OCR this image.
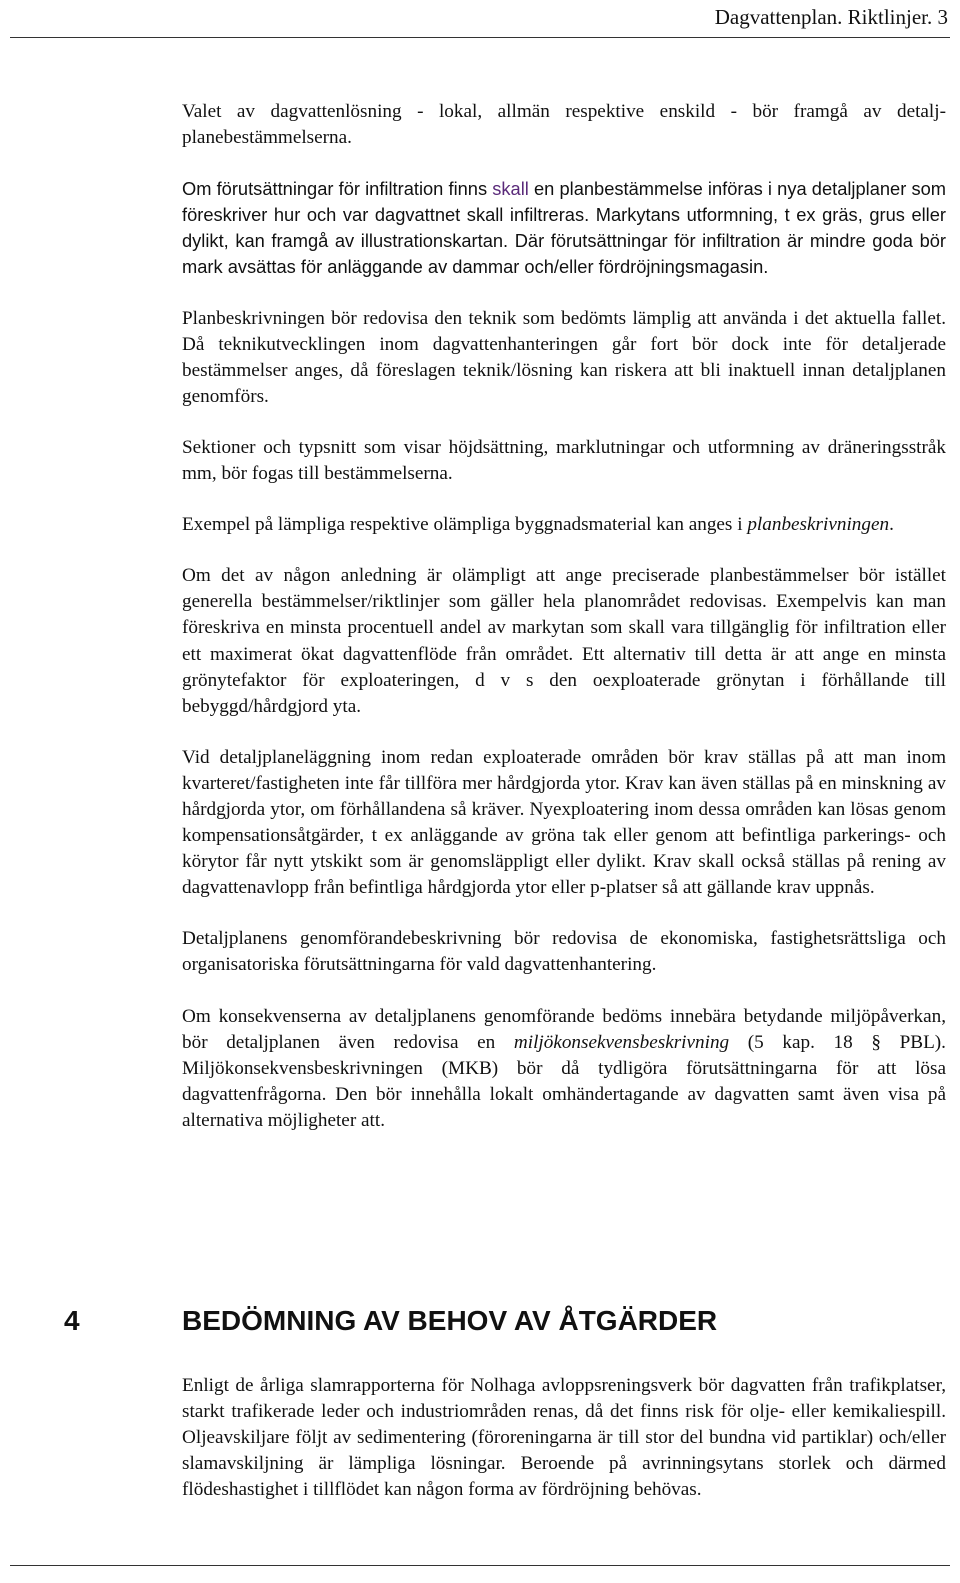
Dagvattenplan. Riktlinjer. 3

Valet av dagvattenlösning - lokal, allmän respektive enskild - bör framgå av detalj-planebestämmelserna.

Om förutsättningar för infiltration finns skall en planbestämmelse införas i nya detaljplaner som föreskriver hur och var dagvattnet skall infiltreras. Markytans utformning, t ex gräs, grus eller dylikt, kan framgå av illustrationskartan. Där förutsättningar för infiltration är mindre goda bör mark avsättas för anläggande av dammar och/eller fördröjningsmagasin.

Planbeskrivningen bör redovisa den teknik som bedömts lämplig att använda i det aktuella fallet. Då teknikutvecklingen inom dagvattenhanteringen går fort bör dock inte för detaljerade bestämmelser anges, då föreslagen teknik/lösning kan riskera att bli inaktuell innan detaljplanen genomförs.

Sektioner och typsnitt som visar höjdsättning, marklutningar och utformning av dräneringsstråk mm, bör fogas till bestämmelserna.

Exempel på lämpliga respektive olämpliga byggnadsmaterial kan anges i planbeskrivningen.

Om det av någon anledning är olämpligt att ange preciserade planbestämmelser bör istället generella bestämmelser/riktlinjer som gäller hela planområdet redovisas. Exempelvis kan man föreskriva en minsta procentuell andel av markytan som skall vara tillgänglig för infiltration eller ett maximerat ökat dagvattenflöde från området. Ett alternativ till detta är att ange en minsta grönytefaktor för exploateringen, d v s den oexploaterade grönytan i förhållande till bebyggd/hårdgjord yta.

Vid detaljplaneläggning inom redan exploaterade områden bör krav ställas på att man inom kvarteret/fastigheten inte får tillföra mer hårdgjorda ytor. Krav kan även ställas på en minskning av hårdgjorda ytor, om förhållandena så kräver. Nyexploatering inom dessa områden kan lösas genom kompensationsåtgärder, t ex anläggande av gröna tak eller genom att befintliga parkerings- och körytor får nytt ytskikt som är genomsläppligt eller dylikt. Krav skall också ställas på rening av dagvattenavlopp från befintliga hårdgjorda ytor eller p-platser så att gällande krav uppnås.

Detaljplanens genomförandebeskrivning bör redovisa de ekonomiska, fastighetsrättsliga och organisatoriska förutsättningarna för vald dagvattenhantering.

Om konsekvenserna av detaljplanens genomförande bedöms innebära betydande miljöpåverkan, bör detaljplanen även redovisa en miljökonsekvensbeskrivning (5 kap. 18 § PBL). Miljökonsekvensbeskrivningen (MKB) bör då tydligöra förutsättningarna för att lösa dagvattenfrågorna. Den bör innehålla lokalt omhändertagande av dagvatten samt även visa på alternativa möjligheter att.

4	BEDÖMNING AV BEHOV AV ÅTGÄRDER

Enligt de årliga slamrapporterna för Nolhaga avloppsreningsverk bör dagvatten från trafikplatser, starkt trafikerade leder och industriområden renas, då det finns risk för olje- eller kemikaliespill. Oljeavskiljare följt av sedimentering (föroreningarna är till stor del bundna vid partiklar) och/eller slamavskiljning är lämpliga lösningar. Beroende på avrinningsytans storlek och därmed flödeshastighet i tillflödet kan någon forma av fördröjning behövas.
